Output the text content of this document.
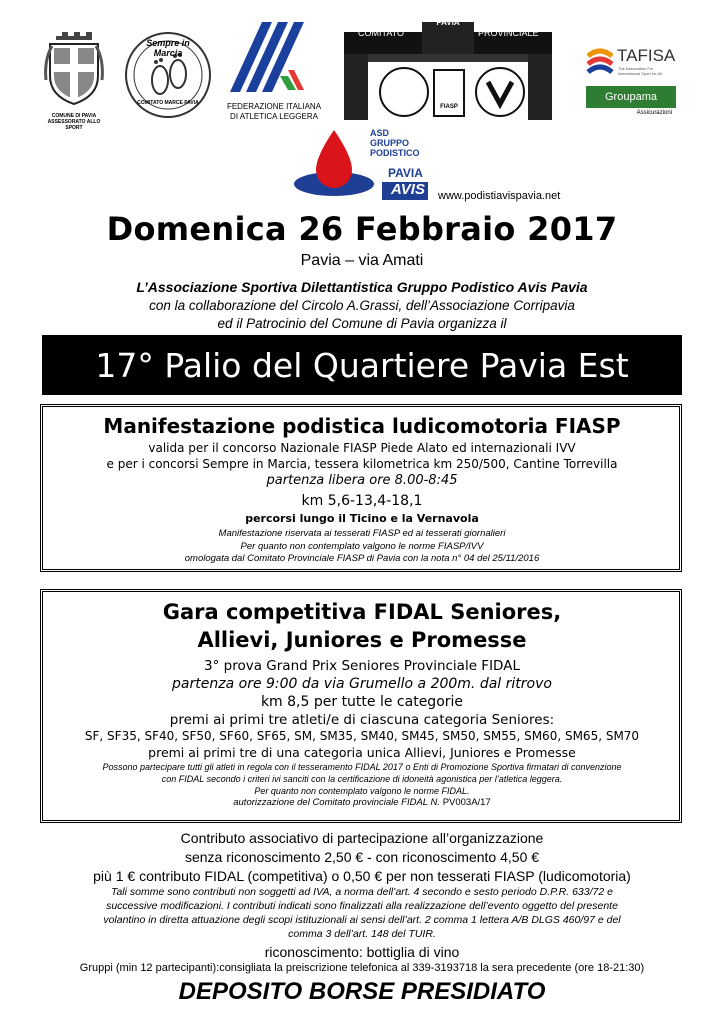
COMUNE DI PAVIA
ASSESSORATO ALLO SPORT
Sempre in Marcia
COMITATO MARCE PAVIA	FEDERAZIONE ITALIANA
DI ATLETICA LEGGERA
COMITATO
PAVIA
PROVINCIALE
FIASP
TAFISA
The Association For International Sport for All
Groupama
Assicurazioni
ASD
GRUPPO
PODISTICO
PAVIA
AVIS www.podistiavispavia.net
Domenica 26 Febbraio 2017
Pavia – via Amati
L’Associazione Sportiva Dilettantistica Gruppo Podistico Avis Pavia
con la collaborazione del Circolo A.Grassi, dell’Associazione Corripavia
ed il Patrocinio del Comune di Pavia organizza il
17° Palio del Quartiere Pavia Est
Manifestazione podistica ludicomotoria FIASP
valida per il concorso Nazionale FIASP Piede Alato ed internazionali IVV
e per i concorsi Sempre in Marcia, tessera kilometrica km 250/500, Cantine Torrevilla
partenza libera ore 8.00-8:45
km 5,6-13,4-18,1
percorsi lungo il Ticino e la Vernavola
Manifestazione riservata ai tesserati FIASP ed ai tesserati giornalieri
Per quanto non contemplato valgono le norme FIASP/IVV
omologata dal Comitato Provinciale FIASP di Pavia con la nota n° 04 del 25/11/2016
Gara competitiva FIDAL Seniores,
Allievi, Juniores e Promesse
3° prova Grand Prix Seniores Provinciale FIDAL
partenza ore 9:00 da via Grumello a 200m. dal ritrovo
km 8,5 per tutte le categorie
premi ai primi tre atleti/e di ciascuna categoria Seniores:
SF, SF35, SF40, SF50, SF60, SF65, SM, SM35, SM40, SM45, SM50, SM55, SM60, SM65, SM70
premi ai primi tre di una categoria unica Allievi, Juniores e Promesse
Possono partecipare tutti gli atleti in regola con il tesseramento FIDAL 2017 o Enti di Promozione Sportiva firmatari di convenzione
con FIDAL secondo i criteri ivi sanciti con la certificazione di idoneità agonistica per l’atletica leggera.
Per quanto non contemplato valgono le norme FIDAL.
autorizzazione del Comitato provinciale FIDAL N. PV003A/17
Contributo associativo di partecipazione all’organizzazione
senza riconoscimento 2,50 € - con riconoscimento 4,50 €
più 1 € contributo FIDAL (competitiva) o 0,50 € per non tesserati FIASP (ludicomotoria)
Tali somme sono contributi non soggetti ad IVA, a norma dell’art. 4 secondo e sesto periodo D.P.R. 633/72 e
successive modificazioni. I contributi indicati sono finalizzati alla realizzazione dell’evento oggetto del presente
volantino in diretta attuazione degli scopi istituzionali ai sensi dell’art. 2 comma 1 lettera A/B DLGS 460/97 e del
comma 3 dell’art. 148 del TUIR.
riconoscimento: bottiglia di vino
Gruppi (min 12 partecipanti):consigliata la preiscrizione telefonica al 339-3193718 la sera precedente (ore 18-21:30)
DEPOSITO BORSE PRESIDIATO
